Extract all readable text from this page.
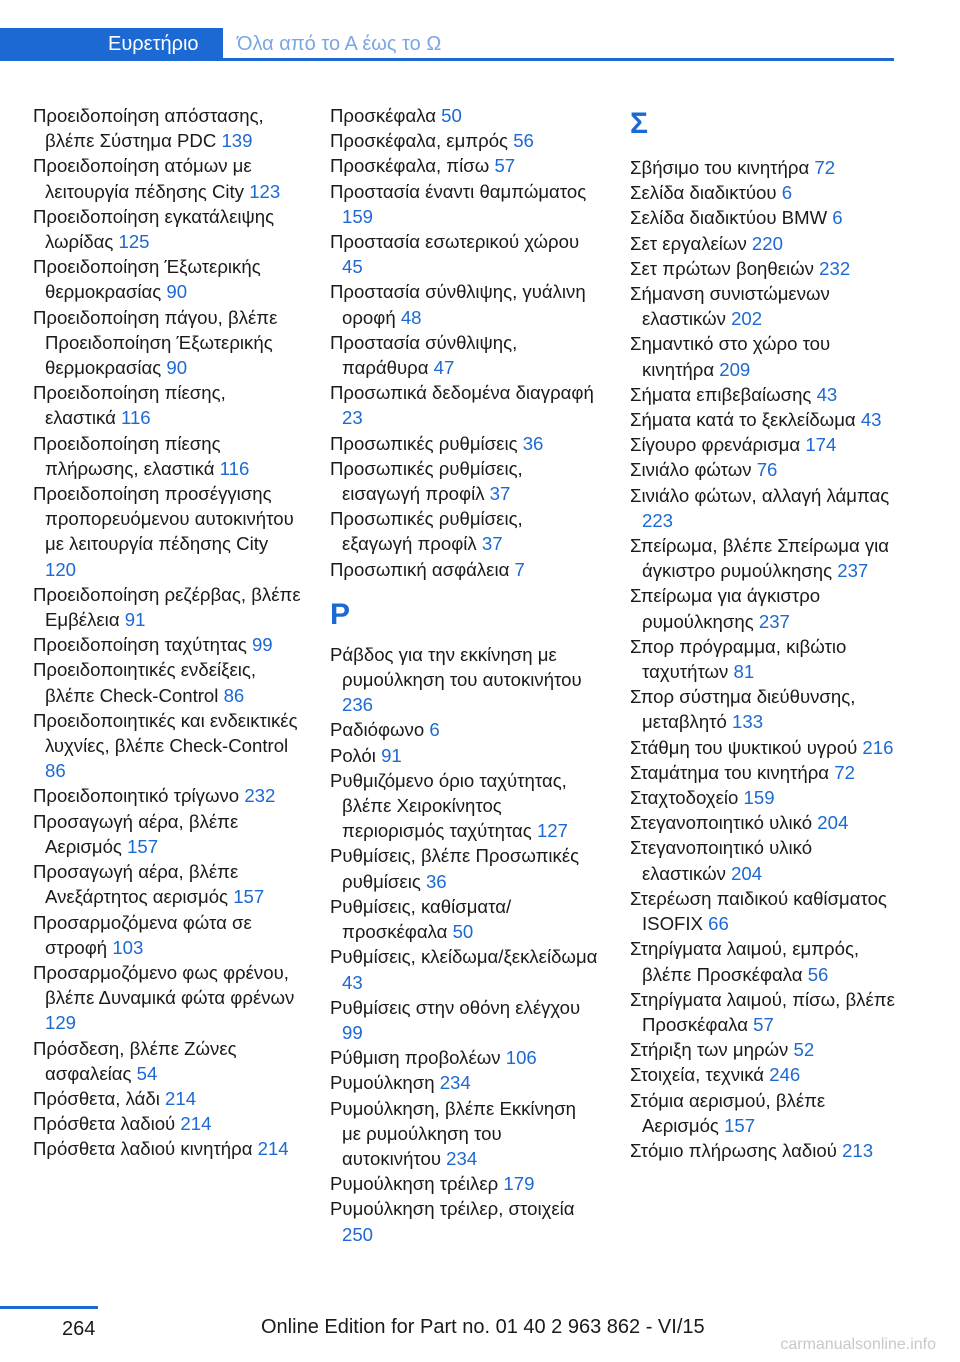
Ευρετήριο	Όλα από το Α έως το Ω
Προειδοποίηση απόστασης, βλέπε Σύστημα PDC 139
Προειδοποίηση ατόμων με λειτουργία πέδησης City 123
Προειδοποίηση εγκατάλειψης λωρίδας 125
Προειδοποίηση Έξωτερικής θερμοκρασίας 90
Προειδοποίηση πάγου, βλέπε Προειδοποίηση Έξωτερικής θερμοκρασίας 90
Προειδοποίηση πίεσης, ελαστικά 116
Προειδοποίηση πίεσης πλήρωσης, ελαστικά 116
Προειδοποίηση προσέγγισης προπορευόμενου αυτοκινήτου με λειτουργία πέδησης City 120
Προειδοποίηση ρεζέρβας, βλέπε Εμβέλεια 91
Προειδοποίηση ταχύτητας 99
Προειδοποιητικές ενδείξεις, βλέπε Check-Control 86
Προειδοποιητικές και ενδεικτικές λυχνίες, βλέπε Check-Control 86
Προειδοποιητικό τρίγωνο 232
Προσαγωγή αέρα, βλέπε Αερισμός 157
Προσαγωγή αέρα, βλέπε Ανεξάρτητος αερισμός 157
Προσαρμοζόμενα φώτα σε στροφή 103
Προσαρμοζόμενο φως φρένου, βλέπε Δυναμικά φώτα φρένων 129
Πρόσδεση, βλέπε Ζώνες ασφαλείας 54
Πρόσθετα, λάδι 214
Πρόσθετα λαδιού 214
Πρόσθετα λαδιού κινητήρα 214
Προσκέφαλα 50
Προσκέφαλα, εμπρός 56
Προσκέφαλα, πίσω 57
Προστασία έναντι θαμπώματος 159
Προστασία εσωτερικού χώρου 45
Προστασία σύνθλιψης, γυάλινη οροφή 48
Προστασία σύνθλιψης, παράθυρα 47
Προσωπικά δεδομένα διαγραφή 23
Προσωπικές ρυθμίσεις 36
Προσωπικές ρυθμίσεις, εισαγωγή προφίλ 37
Προσωπικές ρυθμίσεις, εξαγωγή προφίλ 37
Προσωπική ασφάλεια 7
Ρ
Ράβδος για την εκκίνηση με ρυμούλκηση του αυτοκινήτου 236
Ραδιόφωνο 6
Ρολόι 91
Ρυθμιζόμενο όριο ταχύτητας, βλέπε Χειροκίνητος περιορισμός ταχύτητας 127
Ρυθμίσεις, βλέπε Προσωπικές ρυθμίσεις 36
Ρυθμίσεις, καθίσματα/προσκέφαλα 50
Ρυθμίσεις, κλείδωμα/ξεκλείδωμα 43
Ρυθμίσεις στην οθόνη ελέγχου 99
Ρύθμιση προβολέων 106
Ρυμούλκηση 234
Ρυμούλκηση, βλέπε Εκκίνηση με ρυμούλκηση του αυτοκινήτου 234
Ρυμούλκηση τρέιλερ 179
Ρυμούλκηση τρέιλερ, στοιχεία 250
Σ
Σβήσιμο του κινητήρα 72
Σελίδα διαδικτύου 6
Σελίδα διαδικτύου BMW 6
Σετ εργαλείων 220
Σετ πρώτων βοηθειών 232
Σήμανση συνιστώμενων ελαστικών 202
Σημαντικό στο χώρο του κινητήρα 209
Σήματα επιβεβαίωσης 43
Σήματα κατά το ξεκλείδωμα 43
Σίγουρο φρενάρισμα 174
Σινιάλο φώτων 76
Σινιάλο φώτων, αλλαγή λάμπας 223
Σπείρωμα, βλέπε Σπείρωμα για άγκιστρο ρυμούλκησης 237
Σπείρωμα για άγκιστρο ρυμούλκησης 237
Σπορ πρόγραμμα, κιβώτιο ταχυτήτων 81
Σπορ σύστημα διεύθυνσης, μεταβλητό 133
Στάθμη του ψυκτικού υγρού 216
Σταμάτημα του κινητήρα 72
Σταχτοδοχείο 159
Στεγανοποιητικό υλικό 204
Στεγανοποιητικό υλικό ελαστικών 204
Στερέωση παιδικού καθίσματος ISOFIX 66
Στηρίγματα λαιμού, εμπρός, βλέπε Προσκέφαλα 56
Στηρίγματα λαιμού, πίσω, βλέπε Προσκέφαλα 57
Στήριξη των μηρών 52
Στοιχεία, τεχνικά 246
Στόμια αερισμού, βλέπε Αερισμός 157
Στόμιο πλήρωσης λαδιού 213
264	Online Edition for Part no. 01 40 2 963 862 - VI/15
carmanualsonline.info
